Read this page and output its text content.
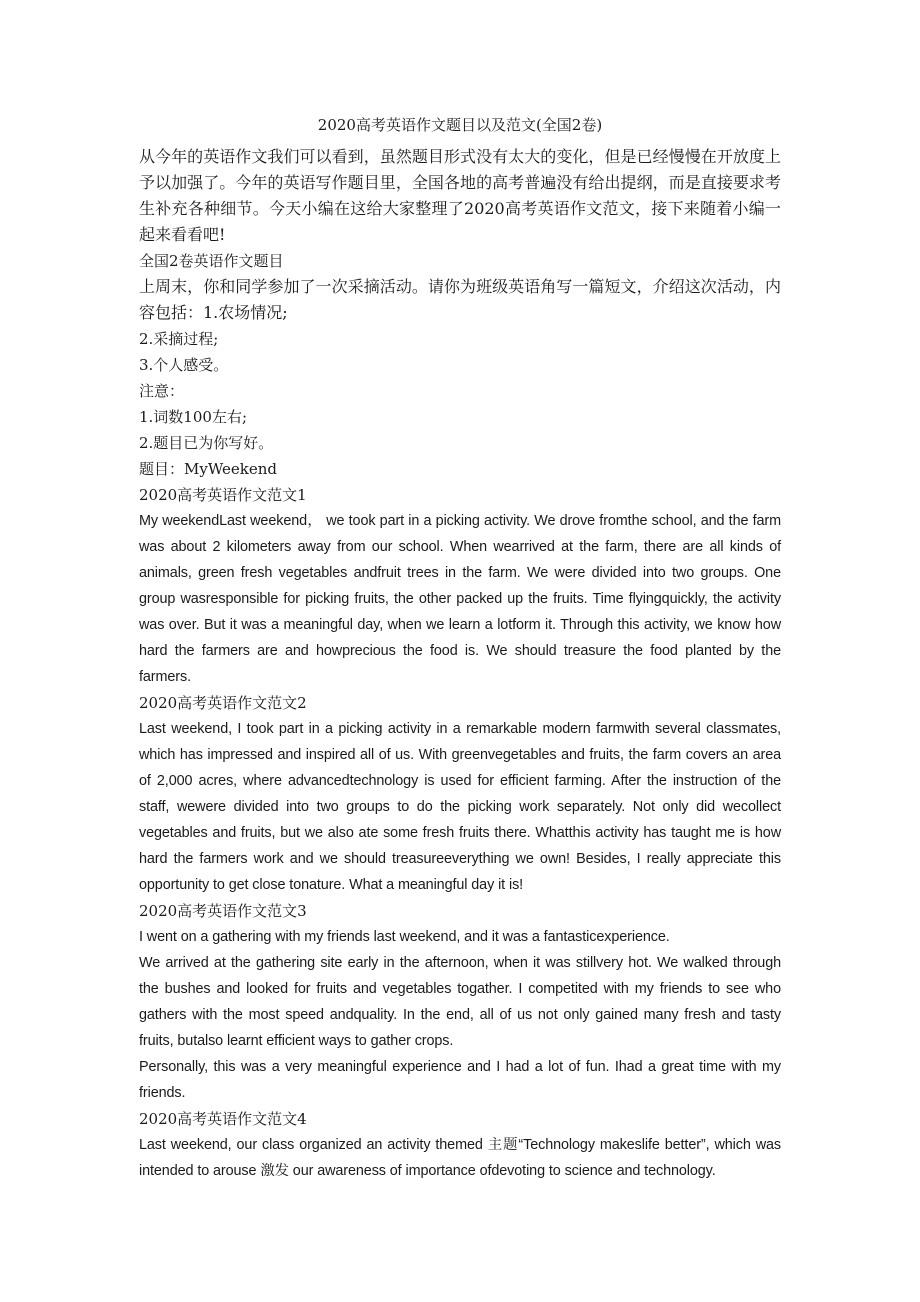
2020高考英语作文题目以及范文(全国2卷)

从今年的英语作文我们可以看到，虽然题目形式没有太大的变化，但是已经慢慢在开放度上予以加强了。今年的英语写作题目里，全国各地的高考普遍没有给出提纲，而是直接要求考生补充各种细节。今天小编在这给大家整理了2020高考英语作文范文，接下来随着小编一起来看看吧!

全国2卷英语作文题目

上周末，你和同学参加了一次采摘活动。请你为班级英语角写一篇短文，介绍这次活动，内容包括：1.农场情况;

2.采摘过程;

3.个人感受。

注意：

1.词数100左右;

2.题目已为你写好。

题目：MyWeekend

2020高考英语作文范文1

My weekendLast weekend， we took part in a picking activity. We drove fromthe school, and the farm was about 2 kilometers away from our school. When wearrived at the farm, there are all kinds of animals, green fresh vegetables andfruit trees in the farm. We were divided into two groups. One group wasresponsible for picking fruits, the other packed up the fruits. Time flyingquickly, the activity was over. But it was a meaningful day, when we learn a lotform it. Through this activity, we know how hard the farmers are and howprecious the food is. We should treasure the food planted by the farmers.

2020高考英语作文范文2

Last weekend, I took part in a picking activity in a remarkable modern farmwith several classmates, which has impressed and inspired all of us. With greenvegetables and fruits, the farm covers an area of 2,000 acres, where advancedtechnology is used for efficient farming. After the instruction of the staff, wewere divided into two groups to do the picking work separately. Not only did wecollect vegetables and fruits, but we also ate some fresh fruits there. Whatthis activity has taught me is how hard the farmers work and we should treasureeverything we own! Besides, I really appreciate this opportunity to get close tonature. What a meaningful day it is!

2020高考英语作文范文3

I went on a gathering with my friends last weekend, and it was a fantasticexperience.

We arrived at the gathering site early in the afternoon, when it was stillvery hot. We walked through the bushes and looked for fruits and vegetables togather. I competited with my friends to see who gathers with the most speed andquality. In the end, all of us not only gained many fresh and tasty fruits, butalso learnt efficient ways to gather crops.

Personally, this was a very meaningful experience and I had a lot of fun. Ihad a great time with my friends.

2020高考英语作文范文4

Last weekend, our class organized an activity themed 主题“Technology makeslife better”, which was intended to arouse 激发 our awareness of importance ofdevoting to science and technology.
